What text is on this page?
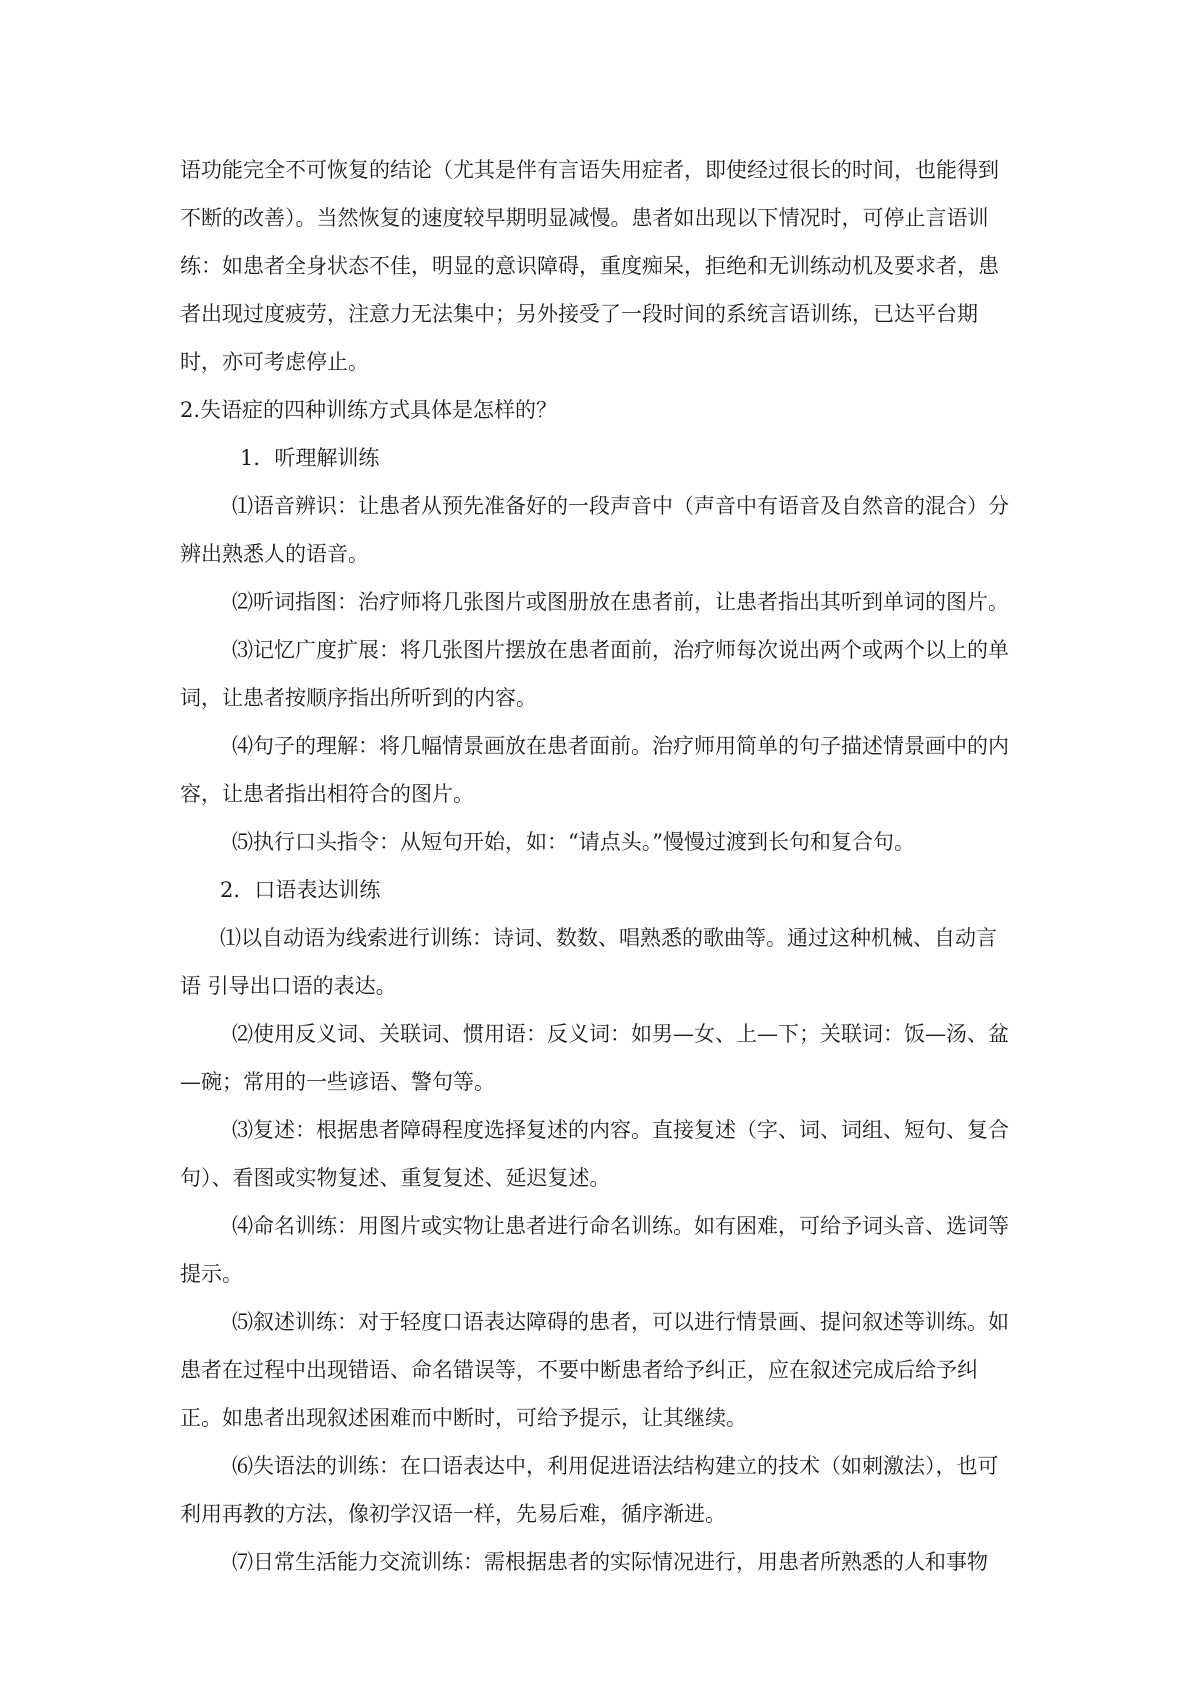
语功能完全不可恢复的结论（尤其是伴有言语失用症者，即使经过很长的时间，也能得到不断的改善）。当然恢复的速度较早期明显减慢。患者如出现以下情况时，可停止言语训练：如患者全身状态不佳，明显的意识障碍，重度痴呆，拒绝和无训练动机及要求者，患者出现过度疲劳，注意力无法集中；另外接受了一段时间的系统言语训练，已达平台期时，亦可考虑停止。

2.失语症的四种训练方式具体是怎样的？

1．听理解训练

⑴语音辨识：让患者从预先准备好的一段声音中（声音中有语音及自然音的混合）分辨出熟悉人的语音。

⑵听词指图：治疗师将几张图片或图册放在患者前，让患者指出其听到单词的图片。

⑶记忆广度扩展：将几张图片摆放在患者面前，治疗师每次说出两个或两个以上的单词，让患者按顺序指出所听到的内容。

⑷句子的理解：将几幅情景画放在患者面前。治疗师用简单的句子描述情景画中的内容，让患者指出相符合的图片。

⑸执行口头指令：从短句开始，如：“请点头。”慢慢过渡到长句和复合句。

2．口语表达训练

⑴以自动语为线索进行训练：诗词、数数、唱熟悉的歌曲等。通过这种机械、自动言语 引导出口语的表达。

⑵使用反义词、关联词、惯用语：反义词：如男—女、上—下；关联词：饭—汤、盆—碗；常用的一些谚语、警句等。

⑶复述：根据患者障碍程度选择复述的内容。直接复述（字、词、词组、短句、复合句）、看图或实物复述、重复复述、延迟复述。

⑷命名训练：用图片或实物让患者进行命名训练。如有困难，可给予词头音、选词等提示。

⑸叙述训练：对于轻度口语表达障碍的患者，可以进行情景画、提问叙述等训练。如患者在过程中出现错语、命名错误等，不要中断患者给予纠正，应在叙述完成后给予纠正。如患者出现叙述困难而中断时，可给予提示，让其继续。

⑹失语法的训练：在口语表达中，利用促进语法结构建立的技术（如刺激法），也可利用再教的方法，像初学汉语一样，先易后难，循序渐进。

⑺日常生活能力交流训练：需根据患者的实际情况进行，用患者所熟悉的人和事物
